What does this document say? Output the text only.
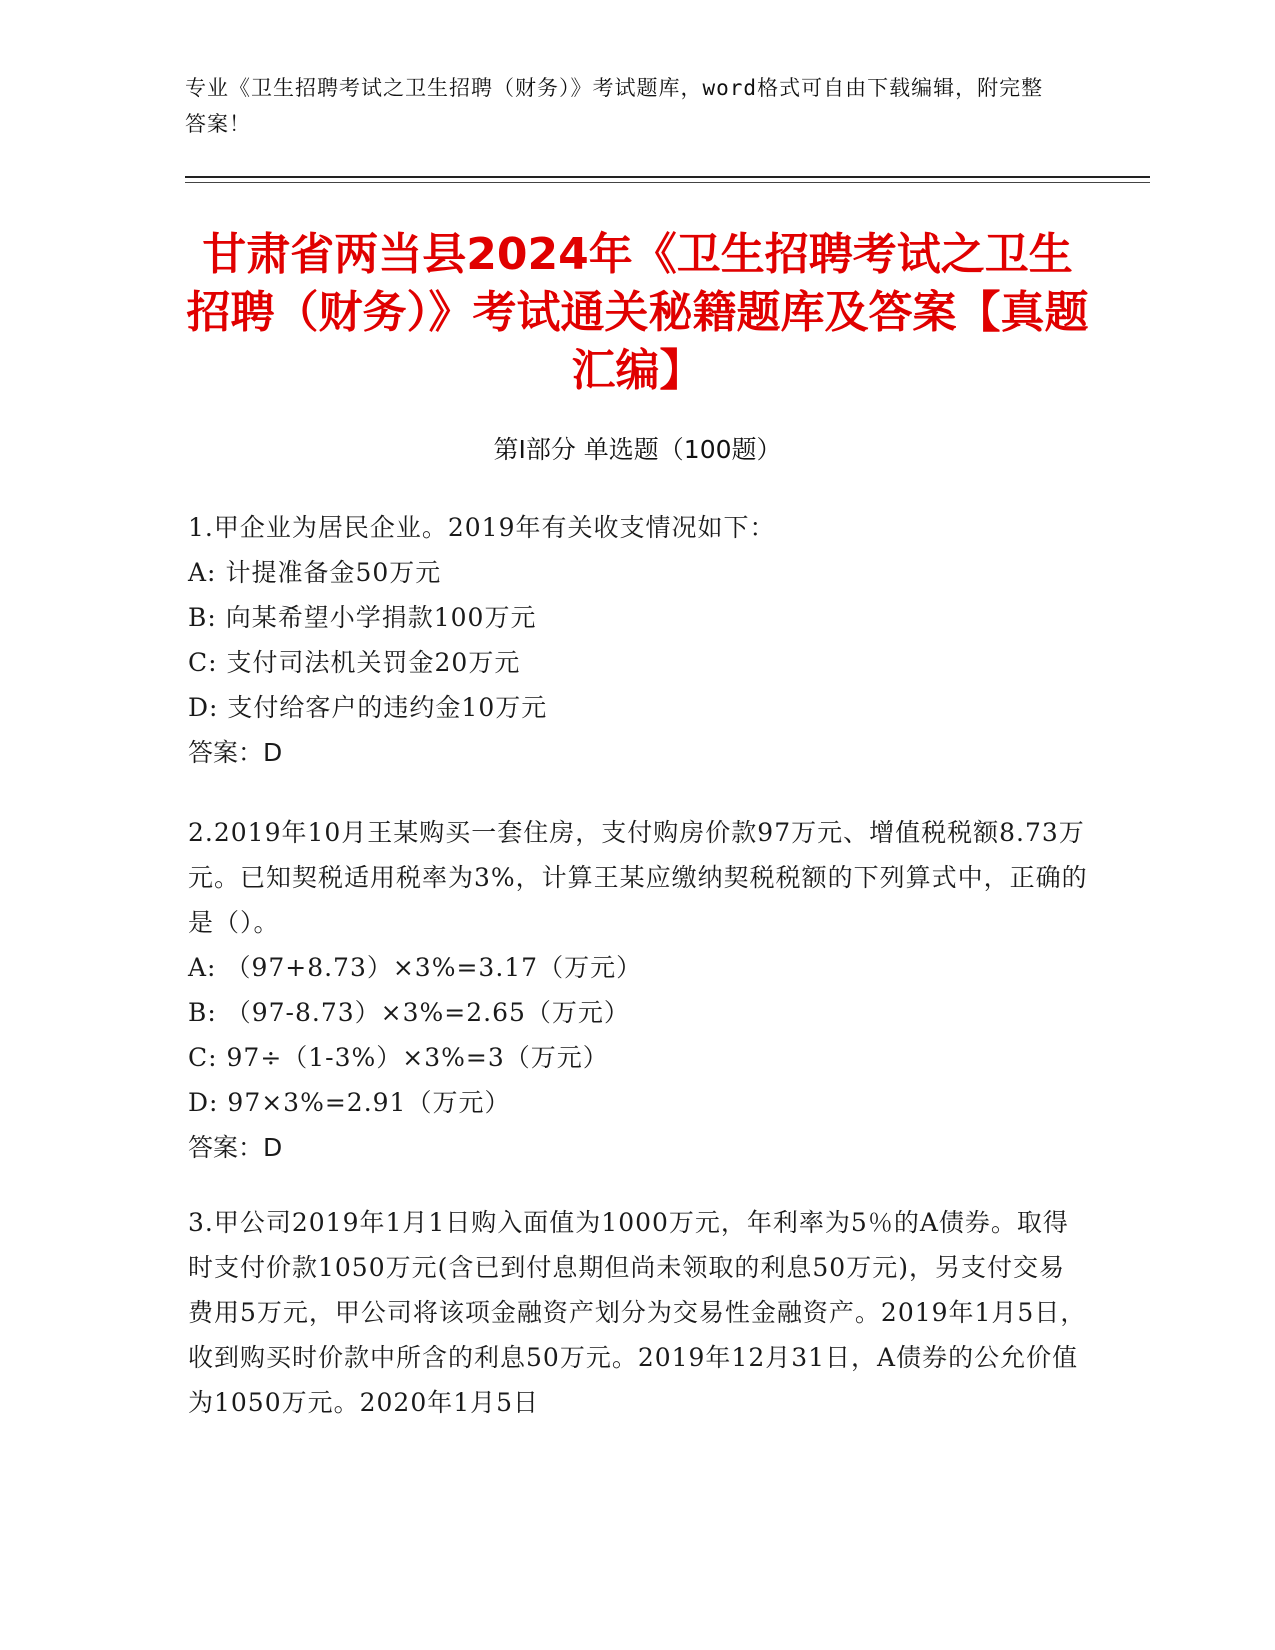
专业《卫生招聘考试之卫生招聘（财务）》考试题库，word格式可自由下载编辑，附完整答案！
甘肃省两当县2024年《卫生招聘考试之卫生招聘（财务）》考试通关秘籍题库及答案【真题汇编】
第Ⅰ部分 单选题（100题）
1.甲企业为居民企业。2019年有关收支情况如下：
A:
计提准备金50万元
B:
向某希望小学捐款100万元
C:
支付司法机关罚金20万元
D:
支付给客户的违约金10万元
答案：D
2.2019年10月王某购买一套住房，支付购房价款97万元、增值税税额8.73万元。已知契税适用税率为3%，计算王某应缴纳契税税额的下列算式中，正确的是（）。
A:
（97+8.73）×3%=3.17（万元）
B:
（97-8.73）×3%=2.65（万元）
C:
97÷（1-3%）×3%=3（万元）
D:
97×3%=2.91（万元）
答案：D
3.甲公司2019年1月1日购入面值为1000万元，年利率为5％的A债券。取得时支付价款1050万元(含已到付息期但尚未领取的利息50万元)，另支付交易费用5万元，甲公司将该项金融资产划分为交易性金融资产。2019年1月5日，收到购买时价款中所含的利息50万元。2019年12月31日，A债券的公允价值为1050万元。2020年1月5日
